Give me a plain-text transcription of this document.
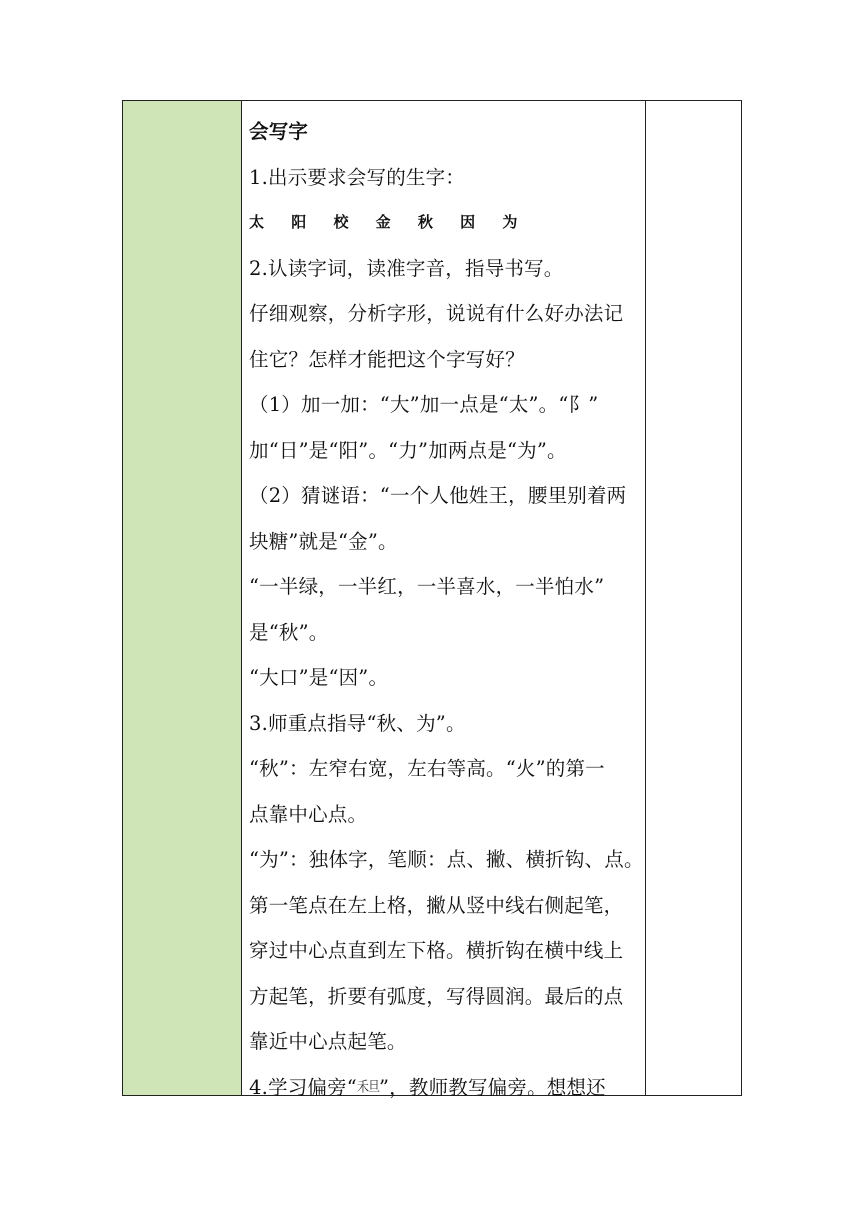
会写字
1.出示要求会写的生字：
太 阳 校 金 秋 因 为
2.认读字词，读准字音，指导书写。
仔细观察，分析字形，说说有什么好办法记
住它？怎样才能把这个字写好？
（1）加一加：“大”加一点是“太”。“阝”
加“日”是“阳”。“力”加两点是“为”。
（2）猜谜语：“一个人他姓王，腰里别着两
块糖”就是“金”。
“一半绿，一半红，一半喜水，一半怕水”
是“秋”。
“大口”是“因”。
3.师重点指导“秋、为”。
“秋”：左窄右宽，左右等高。“火”的第一
点靠中心点。
“为”：独体字，笔顺：点、撇、横折钩、点。
第一笔点在左上格，撇从竖中线右侧起笔，
穿过中心点直到左下格。横折钩在横中线上
方起笔，折要有弧度，写得圆润。最后的点
靠近中心点起笔。
4.学习偏旁“禾旦”，教师教写偏旁。想想还
